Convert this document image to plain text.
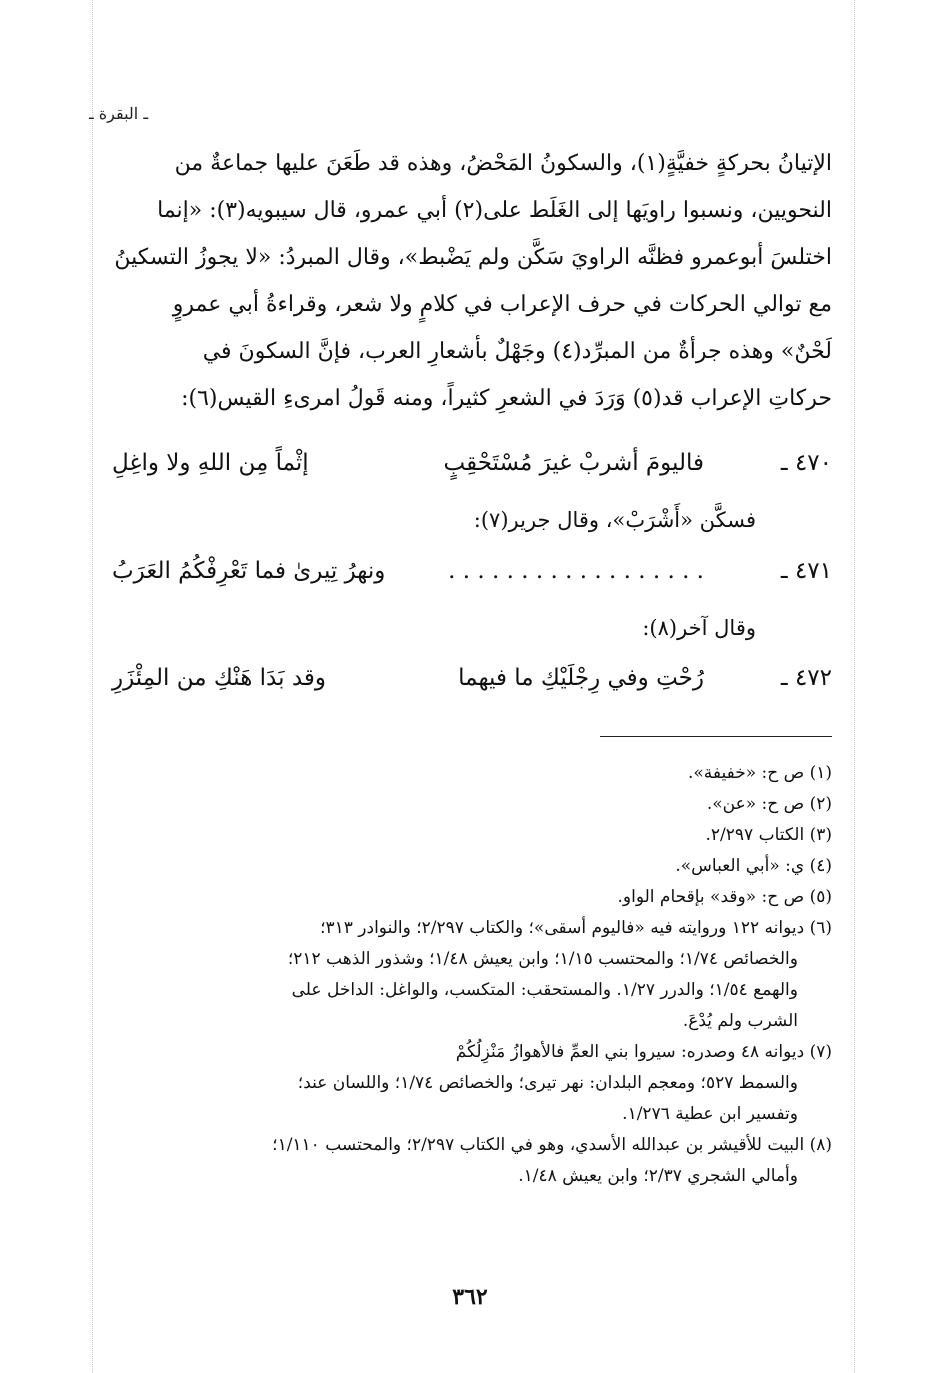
ـ البقرة ـ
الإتيانُ بحركةٍ خفيَّةٍ(١)، والسكونُ المَحْضُ، وهذه قد طَعَنَ عليها جماعةٌ من
النحويين، ونسبوا راويَها إلى الغَلَط على(٢) أبي عمرو، قال سيبويه(٣): «إنما
اختلسَ أبوعمرو فظنَّه الراويَ سَكَّن ولم يَضْبط»، وقال المبردُ: «لا يجوزُ التسكينُ
مع توالي الحركات في حرف الإعراب في كلامٍ ولا شعر، وقراءةُ أبي عمروٍ
لَحْنٌ» وهذه جرأةٌ من المبرِّد(٤) وجَهْلٌ بأشعارِ العرب، فإنَّ السكونَ في
حركاتِ الإعراب قد(٥) وَرَدَ في الشعرِ كثيراً، ومنه قَولُ امرىءِ القيس(٦):
٤٧٠ ـ
فاليومَ أشربْ غيرَ مُسْتَحْقِبٍ
إثْماً مِن اللهِ ولا واغِلِ
فسكَّن «أَشْرَبْ»، وقال جرير(٧):
٤٧١ ـ
. . . . . . . . . . . . . . . . . .
ونهرُ تِيرىٰ فما تَعْرِفْكُمُ العَرَبُ
وقال آخر(٨):
٤٧٢ ـ
رُحْتِ وفي رِجْلَيْكِ ما فيهما
وقد بَدَا هَنْكِ من المِئْزَرِ
(١) ص ح: «خفيفة».
(٢) ص ح: «عن».
(٣) الكتاب ٢/٢٩٧.
(٤) ي: «أبي العباس».
(٥) ص ح: «وقد» بإقحام الواو.
(٦) ديوانه ١٢٢ وروايته فيه «فاليوم أسقى»؛ والكتاب ٢/٢٩٧؛ والنوادر ٣١٣؛
والخصائص ١/٧٤؛ والمحتسب ١/١٥؛ وابن يعيش ١/٤٨؛ وشذور الذهب ٢١٢؛
والهمع ١/٥٤؛ والدرر ١/٢٧. والمستحقب: المتكسب، والواغل: الداخل على
الشرب ولم يُدْعَ.
(٧) ديوانه ٤٨ وصدره: سيروا بني العمِّ فالأهوازُ مَنْزِلُكُمْ
والسمط ٥٢٧؛ ومعجم البلدان: نهر تيرى؛ والخصائص ١/٧٤؛ واللسان عند؛
وتفسير ابن عطية ١/٢٧٦.
(٨) البيت للأقيشر بن عبدالله الأسدي، وهو في الكتاب ٢/٢٩٧؛ والمحتسب ١/١١٠؛
وأمالي الشجري ٢/٣٧؛ وابن يعيش ١/٤٨.
٣٦٢
